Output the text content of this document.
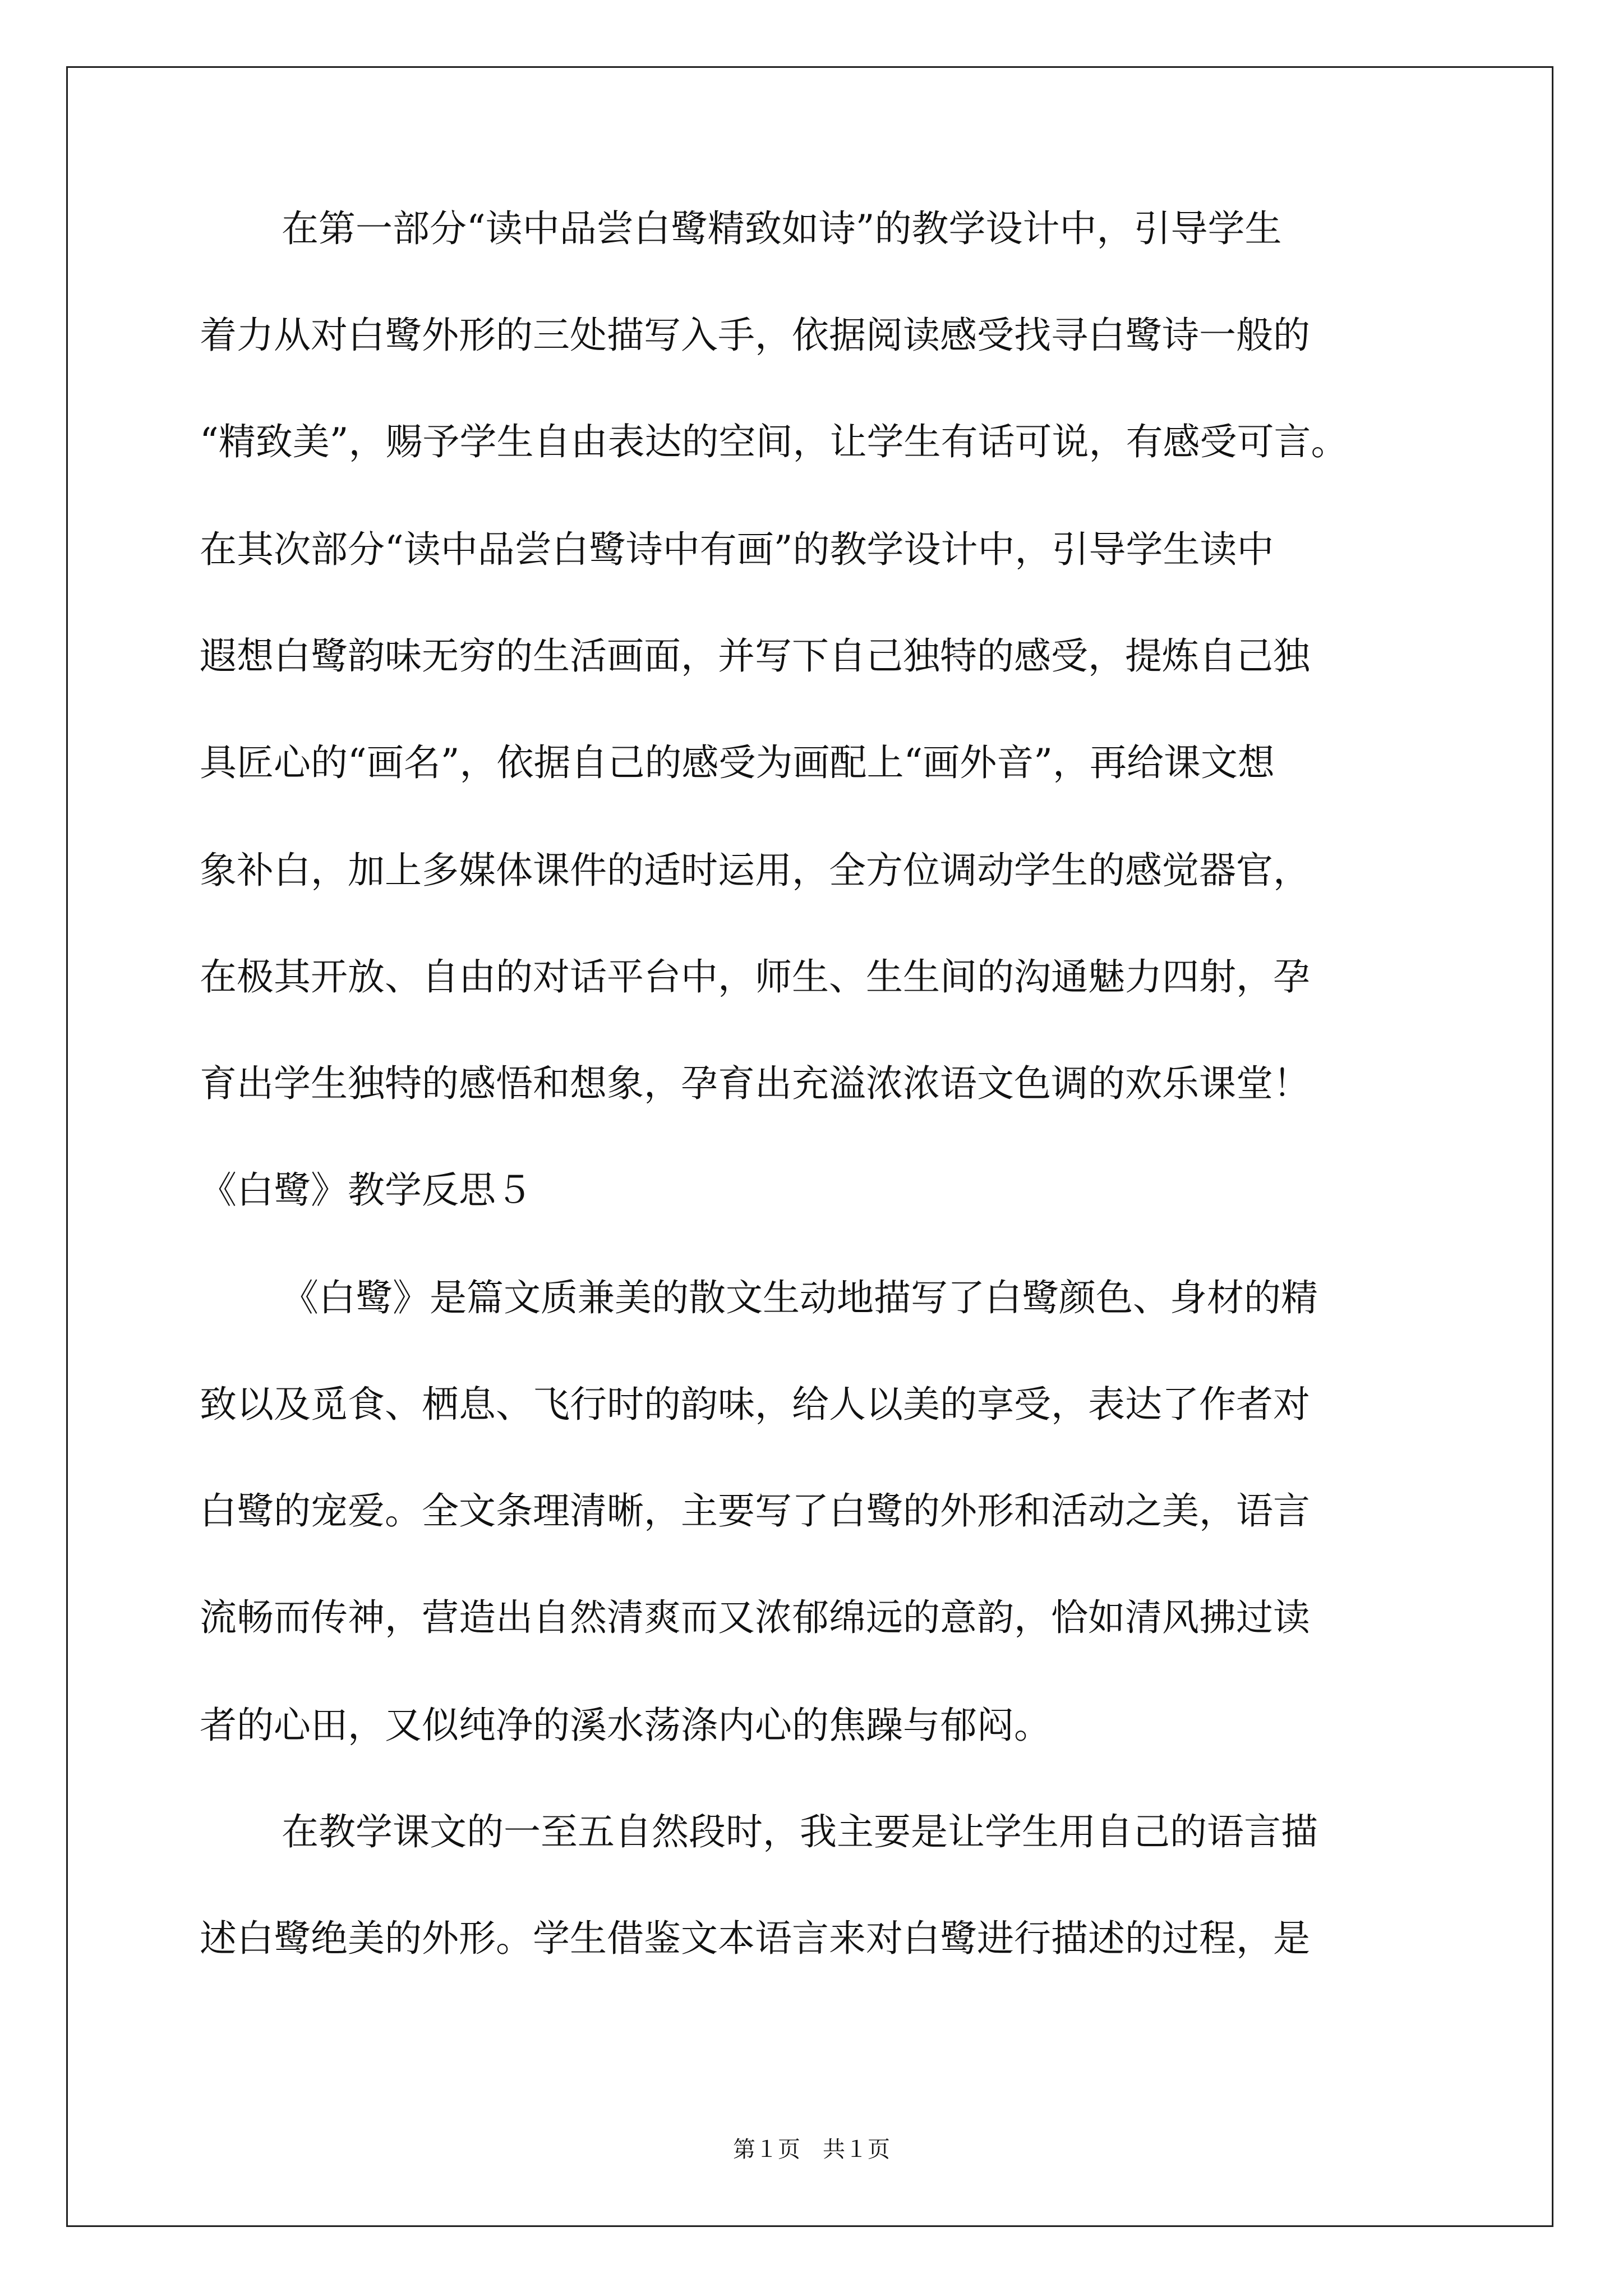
在第一部分“读中品尝白鹭精致如诗”的教学设计中，引导学生
着力从对白鹭外形的三处描写入手，依据阅读感受找寻白鹭诗一般的
“精致美”，赐予学生自由表达的空间，让学生有话可说，有感受可言。
在其次部分“读中品尝白鹭诗中有画”的教学设计中，引导学生读中
遐想白鹭韵味无穷的生活画面，并写下自己独特的感受，提炼自己独
具匠心的“画名”，依据自己的感受为画配上“画外音”，再给课文想
象补白，加上多媒体课件的适时运用，全方位调动学生的感觉器官，
在极其开放、自由的对话平台中，师生、生生间的沟通魅力四射，孕
育出学生独特的感悟和想象，孕育出充溢浓浓语文色调的欢乐课堂！
《白鹭》教学反思５
《白鹭》是篇文质兼美的散文生动地描写了白鹭颜色、身材的精
致以及觅食、栖息、飞行时的韵味，给人以美的享受，表达了作者对
白鹭的宠爱。全文条理清晰，主要写了白鹭的外形和活动之美，语言
流畅而传神，营造出自然清爽而又浓郁绵远的意韵，恰如清风拂过读
者的心田，又似纯净的溪水荡涤内心的焦躁与郁闷。
在教学课文的一至五自然段时，我主要是让学生用自己的语言描
述白鹭绝美的外形。学生借鉴文本语言来对白鹭进行描述的过程，是
第１页　共１页
